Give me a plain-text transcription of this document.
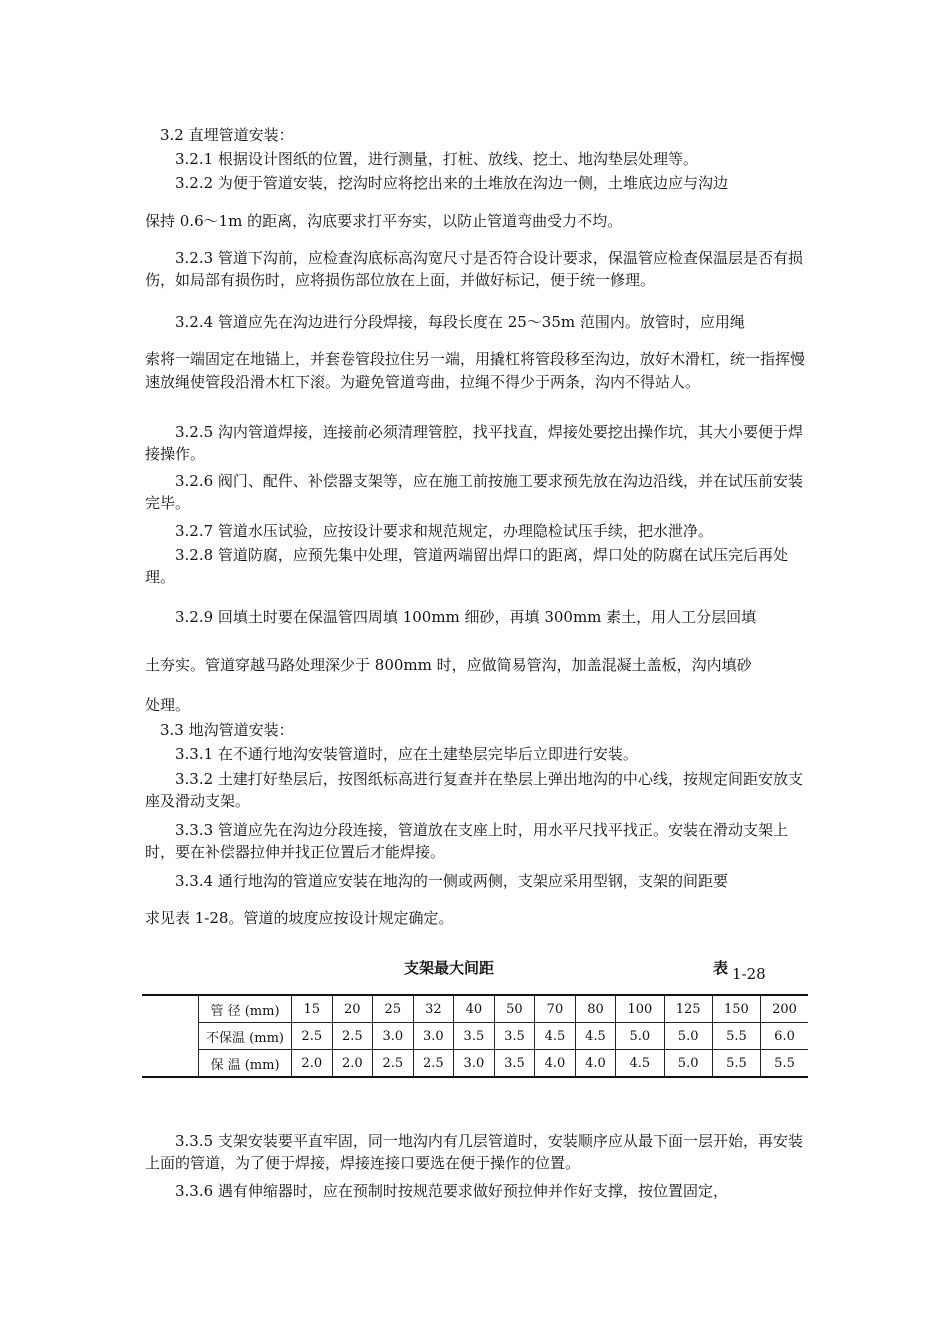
3.2 直埋管道安装：

3.2.1 根据设计图纸的位置，进行测量，打桩、放线、挖土、地沟垫层处理等。

3.2.2 为便于管道安装，挖沟时应将挖出来的土堆放在沟边一侧，土堆底边应与沟边

保持 0.6～1m 的距离，沟底要求打平夯实，以防止管道弯曲受力不均。

3.2.3 管道下沟前，应检查沟底标高沟宽尺寸是否符合设计要求，保温管应检查保温层是否有损伤，如局部有损伤时，应将损伤部位放在上面，并做好标记，便于统一修理。

3.2.4 管道应先在沟边进行分段焊接，每段长度在 25～35m 范围内。放管时，应用绳

索将一端固定在地锚上，并套卷管段拉住另一端，用撬杠将管段移至沟边，放好木滑杠，统一指挥慢速放绳使管段沿滑木杠下滚。为避免管道弯曲，拉绳不得少于两条，沟内不得站人。

3.2.5 沟内管道焊接，连接前必须清理管腔，找平找直，焊接处要挖出操作坑，其大小要便于焊接操作。

3.2.6 阀门、配件、补偿器支架等，应在施工前按施工要求预先放在沟边沿线，并在试压前安装完毕。

3.2.7 管道水压试验，应按设计要求和规范规定，办理隐检试压手续，把水泄净。

3.2.8 管道防腐，应预先集中处理，管道两端留出焊口的距离，焊口处的防腐在试压完后再处理。

3.2.9 回填土时要在保温管四周填 100mm 细砂，再填 300mm 素土，用人工分层回填

土夯实。管道穿越马路处理深少于 800mm 时，应做简易管沟，加盖混凝土盖板，沟内填砂

处理。

3.3 地沟管道安装：

3.3.1 在不通行地沟安装管道时，应在土建垫层完毕后立即进行安装。

3.3.2 土建打好垫层后，按图纸标高进行复查并在垫层上弹出地沟的中心线，按规定间距安放支座及滑动支架。

3.3.3 管道应先在沟边分段连接，管道放在支座上时，用水平尺找平找正。安装在滑动支架上时，要在补偿器拉伸并找正位置后才能焊接。

3.3.4 通行地沟的管道应安装在地沟的一侧或两侧，支架应采用型钢，支架的间距要

求见表 1-28。管道的坡度应按设计规定确定。

支架最大间距	表 1-28
	管 径 (mm)	15	20	25	32	40	50	70	80	100	125	150	200
	不保温 (mm)	2.5	2.5	3.0	3.0	3.5	3.5	4.5	4.5	5.0	5.0	5.5	6.0
	保 温 (mm)	2.0	2.0	2.5	2.5	3.0	3.5	4.0	4.0	4.5	5.0	5.5	5.5

3.3.5 支架安装要平直牢固，同一地沟内有几层管道时，安装顺序应从最下面一层开始，再安装上面的管道，为了便于焊接，焊接连接口要选在便于操作的位置。

3.3.6 遇有伸缩器时，应在预制时按规范要求做好预拉伸并作好支撑，按位置固定，
